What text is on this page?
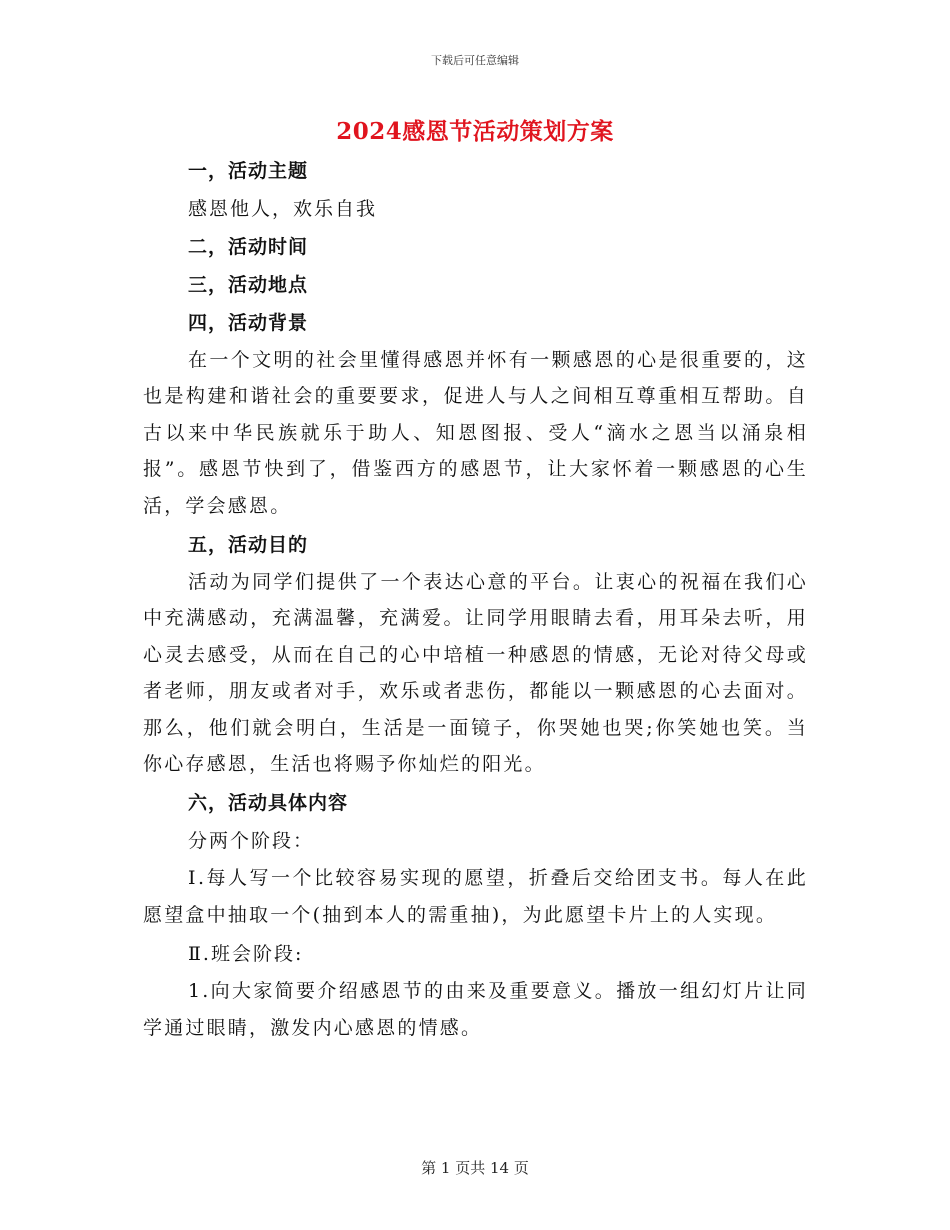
下载后可任意编辑
2024感恩节活动策划方案
一，活动主题
感恩他人，欢乐自我
二，活动时间
三，活动地点
四，活动背景
在一个文明的社会里懂得感恩并怀有一颗感恩的心是很重要的，这也是构建和谐社会的重要要求，促进人与人之间相互尊重相互帮助。自古以来中华民族就乐于助人、知恩图报、受人“滴水之恩当以涌泉相报”。感恩节快到了，借鉴西方的感恩节，让大家怀着一颗感恩的心生活，学会感恩。
五，活动目的
活动为同学们提供了一个表达心意的平台。让衷心的祝福在我们心中充满感动，充满温馨，充满爱。让同学用眼睛去看，用耳朵去听，用心灵去感受，从而在自己的心中培植一种感恩的情感，无论对待父母或者老师，朋友或者对手，欢乐或者悲伤，都能以一颗感恩的心去面对。那么，他们就会明白，生活是一面镜子，你哭她也哭;你笑她也笑。当你心存感恩，生活也将赐予你灿烂的阳光。
六，活动具体内容
分两个阶段：
Ⅰ.每人写一个比较容易实现的愿望，折叠后交给团支书。每人在此愿望盒中抽取一个(抽到本人的需重抽)，为此愿望卡片上的人实现。
Ⅱ.班会阶段:
1.向大家简要介绍感恩节的由来及重要意义。播放一组幻灯片让同学通过眼睛，激发内心感恩的情感。
第 1 页共 14 页
